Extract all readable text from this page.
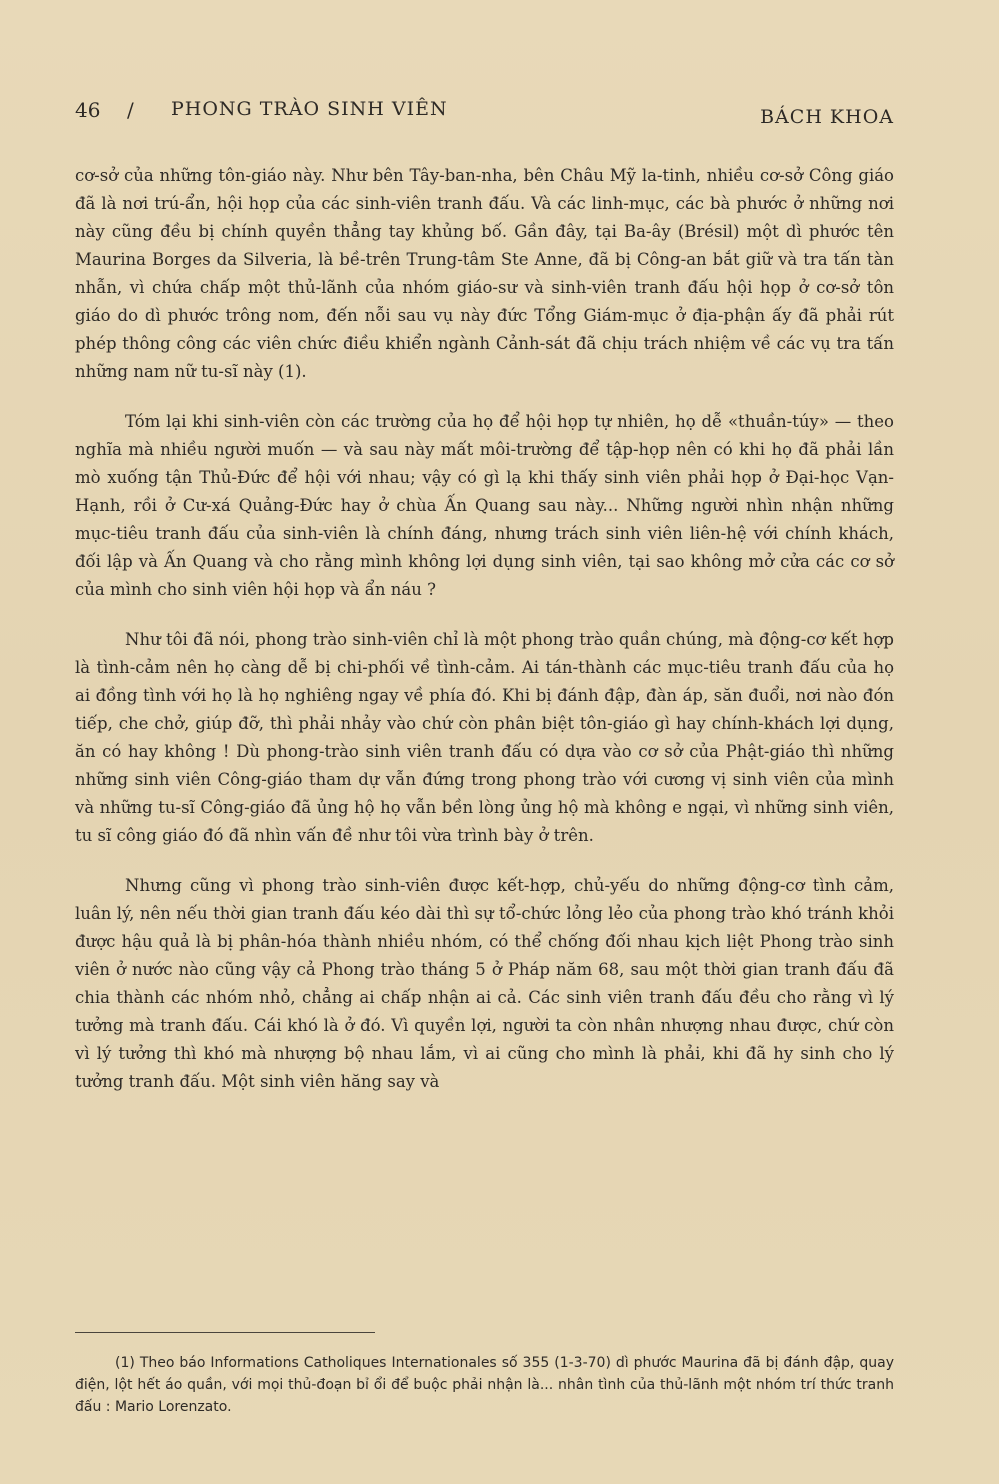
46 / PHONG TRÀO SINH VIÊN	BÁCH KHOA

cơ-sở của những tôn-giáo này. Như bên Tây-ban-nha, bên Châu Mỹ la-tinh, nhiều cơ-sở Công giáo đã là nơi trú-ẩn, hội họp của các sinh-viên tranh đấu. Và các linh-mục, các bà phước ở những nơi này cũng đều bị chính quyền thẳng tay khủng bố. Gần đây, tại Ba-ây (Brésil) một dì phước tên Maurina Borges da Silveria, là bề-trên Trung-tâm Ste Anne, đã bị Công-an bắt giữ và tra tấn tàn nhẫn, vì chứa chấp một thủ-lãnh của nhóm giáo-sư và sinh-viên tranh đấu hội họp ở cơ-sở tôn giáo do dì phước trông nom, đến nỗi sau vụ này đức Tổng Giám-mục ở địa-phận ấy đã phải rút phép thông công các viên chức điều khiển ngành Cảnh-sát đã chịu trách nhiệm về các vụ tra tấn những nam nữ tu-sĩ này (1).

Tóm lại khi sinh-viên còn các trường của họ để hội họp tự nhiên, họ dễ «thuần-túy» — theo nghĩa mà nhiều người muốn — và sau này mất môi-trường để tập-họp nên có khi họ đã phải lần mò xuống tận Thủ-Đức để hội với nhau; vậy có gì lạ khi thấy sinh viên phải họp ở Đại-học Vạn-Hạnh, rồi ở Cư-xá Quảng-Đức hay ở chùa Ấn Quang sau này... Những người nhìn nhận những mục-tiêu tranh đấu của sinh-viên là chính đáng, nhưng trách sinh viên liên-hệ với chính khách, đối lập và Ấn Quang và cho rằng mình không lợi dụng sinh viên, tại sao không mở cửa các cơ sở của mình cho sinh viên hội họp và ẩn náu ?

Như tôi đã nói, phong trào sinh-viên chỉ là một phong trào quần chúng, mà động-cơ kết hợp là tình-cảm nên họ càng dễ bị chi-phối về tình-cảm. Ai tán-thành các mục-tiêu tranh đấu của họ ai đồng tình với họ là họ nghiêng ngay về phía đó. Khi bị đánh đập, đàn áp, săn đuổi, nơi nào đón tiếp, che chở, giúp đỡ, thì phải nhảy vào chứ còn phân biệt tôn-giáo gì hay chính-khách lợi dụng, ăn có hay không ! Dù phong-trào sinh viên tranh đấu có dựa vào cơ sở của Phật-giáo thì những những sinh viên Công-giáo tham dự vẫn đứng trong phong trào với cương vị sinh viên của mình và những tu-sĩ Công-giáo đã ủng hộ họ vẫn bền lòng ủng hộ mà không e ngại, vì những sinh viên, tu sĩ công giáo đó đã nhìn vấn đề như tôi vừa trình bày ở trên.

Nhưng cũng vì phong trào sinh-viên được kết-hợp, chủ-yếu do những động-cơ tình cảm, luân lý, nên nếu thời gian tranh đấu kéo dài thì sự tổ-chức lỏng lẻo của phong trào khó tránh khỏi được hậu quả là bị phân-hóa thành nhiều nhóm, có thể chống đối nhau kịch liệt Phong trào sinh viên ở nước nào cũng vậy cả Phong trào tháng 5 ở Pháp năm 68, sau một thời gian tranh đấu đã chia thành các nhóm nhỏ, chẳng ai chấp nhận ai cả. Các sinh viên tranh đấu đều cho rằng vì lý tưởng mà tranh đấu. Cái khó là ở đó. Vì quyền lợi, người ta còn nhân nhượng nhau được, chứ còn vì lý tưởng thì khó mà nhượng bộ nhau lắm, vì ai cũng cho mình là phải, khi đã hy sinh cho lý tưởng tranh đấu. Một sinh viên hăng say và

(1) Theo báo Informations Catholiques Internationales số 355 (1-3-70) dì phước Maurina đã bị đánh đập, quay điện, lột hết áo quần, với mọi thủ-đoạn bỉ ổi để buộc phải nhận là... nhân tình của thủ-lãnh một nhóm trí thức tranh đấu : Mario Lorenzato.
